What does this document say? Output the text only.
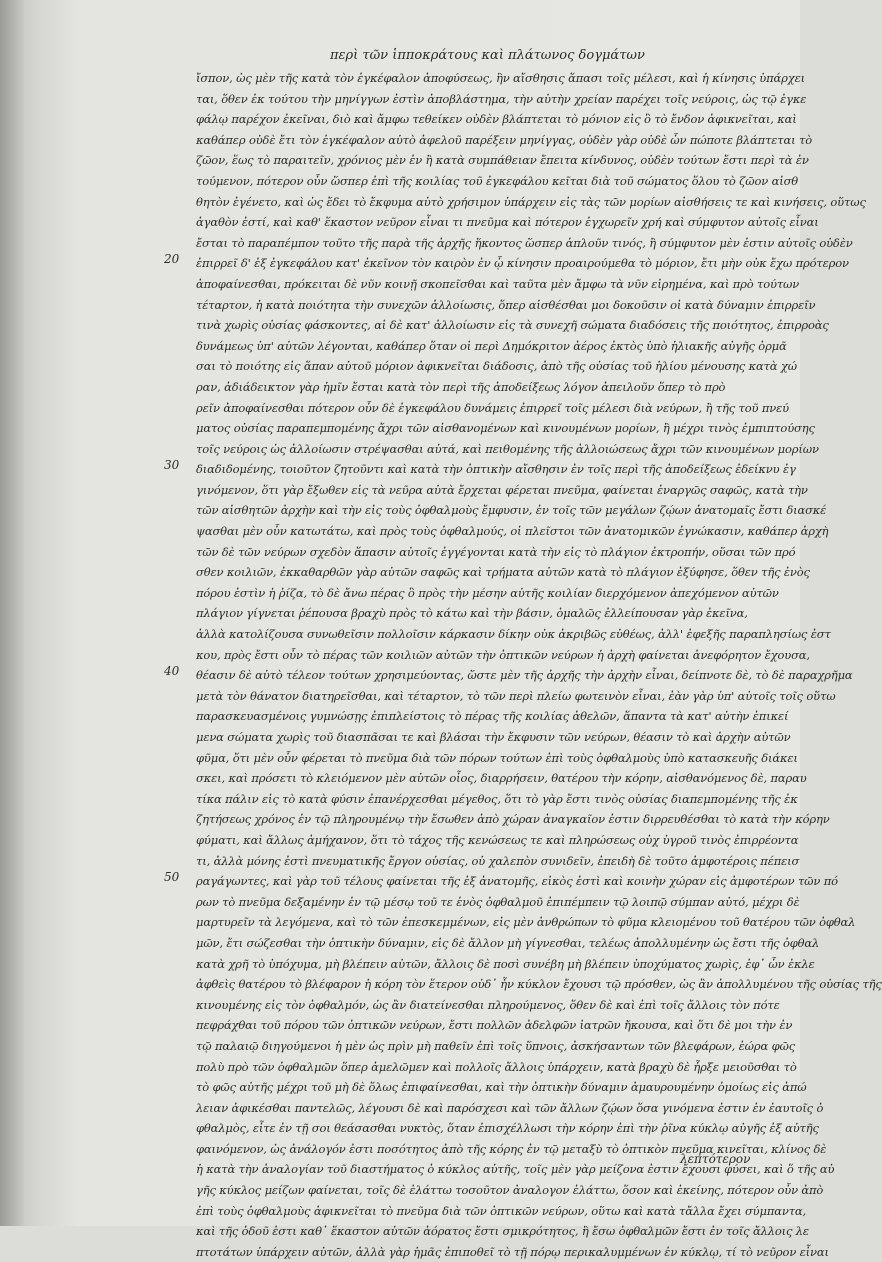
περὶ τῶν ἱπποκράτους καὶ πλάτωνος δογμάτων
20
30
40
50
ἴσπον, ὡς μὲν τῆς κατὰ τὸν ἐγκέφαλον ἀποφύσεως, ἣν αἴσθησις ἅπασι τοῖς μέλεσι, καὶ ἡ κίνησις ὑπάρχει
ται, ὅθεν ἐκ τούτου τὴν μηνίγγων ἐστὶν ἀποβλάστημα, τὴν αὐτὴν χρείαν παρέχει τοῖς νεύροις, ὡς τῷ ἐγκε
φάλῳ παρέχον ἐκεῖναι, διὸ καὶ ἄμφω τεθείκεν οὐδὲν βλάπτεται τὸ μόνιον εἰς ὃ τὸ ἔνδον ἀφικνεῖται, καὶ
καθάπερ οὐδὲ ἔτι τὸν ἐγκέφαλον αὐτὸ ἀφελοῦ παρέξειν μηνίγγας, οὐδὲν γὰρ οὐδὲ ὧν πώποτε βλάπτεται τὸ
ζῶον, ἕως τὸ παραιτεῖν, χρόνιος μὲν ἐν ἢ κατὰ συμπάθειαν ἔπειτα κίνδυνος, οὐδὲν τούτων ἔστι περὶ τὰ ἐν
τούμενον, πότερον οὖν ὥσπερ ἐπὶ τῆς κοιλίας τοῦ ἐγκεφάλου κεῖται διὰ τοῦ σώματος ὅλου τὸ ζῶον αἰσθ
θητὸν ἐγένετο, καὶ ὡς ἔδει τὸ ἔκφυμα αὐτὸ χρήσιμον ὑπάρχειν εἰς τὰς τῶν μορίων αἰσθήσεις τε καὶ κινήσεις, οὕτως
ἀγαθὸν ἐστί, καὶ καθ' ἕκαστον νεῦρον εἶναι τι πνεῦμα καὶ πότερον ἐγχωρεῖν χρή καὶ σύμφυτον αὐτοῖς εἶναι
ἔσται τὸ παραπέμπον τοῦτο τῆς παρὰ τῆς ἀρχῆς ἥκοντος ὥσπερ ἁπλοῦν τινός, ἢ σύμφυτον μὲν ἐστιν αὐτοῖς οὐδὲν
ἐπιρρεῖ δ' ἐξ ἐγκεφάλου κατ' ἐκεῖνον τὸν καιρὸν ἐν ᾧ κίνησιν προαιρούμεθα τὸ μόριον, ἔτι μὴν οὐκ ἔχω πρότερον
ἀποφαίνεσθαι, πρόκειται δὲ νῦν κοινῇ σκοπεῖσθαι καὶ ταῦτα μὲν ἄμφω τὰ νῦν εἰρημένα, καὶ πρὸ τούτων
τέταρτον, ἡ κατὰ ποιότητα τὴν συνεχῶν ἀλλοίωσις, ὅπερ αἰσθέσθαι μοι δοκοῦσιν οἱ κατὰ δύναμιν ἐπιρρεῖν
τινὰ χωρὶς οὐσίας φάσκοντες, αἱ δὲ κατ' ἀλλοίωσιν εἰς τὰ συνεχῆ σώματα διαδόσεις τῆς ποιότητος, ἐπιρροὰς
δυνάμεως ὑπ' αὐτῶν λέγονται, καθάπερ ὅταν οἱ περὶ Δημόκριτον ἀέρος ἐκτὸς ὑπὸ ἡλιακῆς αὐγῆς ὁρμᾶ
σαι τὸ ποιότης εἰς ἅπαν αὐτοῦ μόριον ἀφικνεῖται διάδοσις, ἀπὸ τῆς οὐσίας τοῦ ἡλίου μένουσης κατὰ χώ
ραν, ἀδιάδεικτον γὰρ ἡμῖν ἔσται κατὰ τὸν περὶ τῆς ἀποδείξεως λόγον ἀπειλοῦν ὅπερ τὸ πρὸ
ρεῖν ἀποφαίνεσθαι πότερον οὖν δὲ ἐγκεφάλου δυνάμεις ἐπιρρεῖ τοῖς μέλεσι διὰ νεύρων, ἢ τῆς τοῦ πνεύ
ματος οὐσίας παραπεμπομένης ἄχρι τῶν αἰσθανομένων καὶ κινουμένων μορίων, ἢ μέχρι τινὸς ἐμπιπτούσης
τοῖς νεύροις ὡς ἀλλοίωσιν στρέψασθαι αὐτά, καὶ πειθομένης τῆς ἀλλοιώσεως ἄχρι τῶν κινουμένων μορίων
διαδιδομένης, τοιοῦτον ζητοῦντι καὶ κατὰ τὴν ὀπτικὴν αἴσθησιν ἐν τοῖς περὶ τῆς ἀποδείξεως ἐδείκνυ ἐγ
γινόμενον, ὅτι γὰρ ἔξωθεν εἰς τὰ νεῦρα αὐτὰ ἔρχεται φέρεται πνεῦμα, φαίνεται ἐναργῶς σαφῶς, κατὰ τὴν
τῶν αἰσθητῶν ἀρχὴν καὶ τὴν εἰς τοὺς ὀφθαλμοὺς ἔμφυσιν, ἐν τοῖς τῶν μεγάλων ζῴων ἀνατομαῖς ἔστι διασκέ
ψασθαι μὲν οὖν κατωτάτω, καὶ πρὸς τοὺς ὀφθαλμούς, οἱ πλεῖστοι τῶν ἀνατομικῶν ἐγνώκασιν, καθάπερ ἀρχὴ
τῶν δὲ τῶν νεύρων σχεδὸν ἅπασιν αὐτοῖς ἐγγέγονται κατὰ τὴν εἰς τὸ πλάγιον ἐκτροπήν, οὕσαι τῶν πρό
σθεν κοιλιῶν, ἐκκαθαρθῶν γὰρ αὐτῶν σαφῶς καὶ τρήματα αὐτῶν κατὰ τὸ πλάγιον ἐξύφησε, ὅθεν τῆς ἐνὸς
πόρου ἐστὶν ἡ ῥίζα, τὸ δὲ ἄνω πέρας ὃ πρὸς τὴν μέσην αὐτῆς κοιλίαν διερχόμενον ἀπεχόμενον αὐτῶν
πλάγιον γίγνεται ῥέπουσα βραχὺ πρὸς τὸ κάτω καὶ τὴν βάσιν, ὁμαλῶς ἐλλείπουσαν γὰρ ἐκεῖνα,
ἀλλὰ κατολίζουσα συνωθεῖσιν πολλοῖσιν κάρκασιν δίκην οὐκ ἀκριβῶς εὐθέως, ἀλλ' ἐφεξῆς παραπλησίως ἐστ
κου, πρὸς ἔστι οὖν τὸ πέρας τῶν κοιλιῶν αὐτῶν τὴν ὀπτικῶν νεύρων ἡ ἀρχὴ φαίνεται ἀνεφόρητον ἔχουσα,
θέασιν δὲ αὐτὸ τέλεον τούτων χρησιμεύοντας, ὥστε μὲν τῆς ἀρχῆς τὴν ἀρχὴν εἶναι, δείπνοτε δὲ, τὸ δὲ παραχρῆμα
μετὰ τὸν θάνατον διατηρεῖσθαι, καὶ τέταρτον, τὸ τῶν περὶ πλείω φωτεινὸν εἶναι, ἐὰν γὰρ ὑπ' αὐτοῖς τοῖς οὕτω
παρασκευασμένοις γυμνώσῃς ἐπιπλείστοις τὸ πέρας τῆς κοιλίας ἀθελῶν, ἅπαντα τὰ κατ' αὐτὴν ἐπικεί
μενα σώματα χωρὶς τοῦ διασπᾶσαι τε καὶ βλάσαι τὴν ἔκφυσιν τῶν νεύρων, θέασιν τὸ καὶ ἀρχὴν αὐτῶν
φῦμα, ὅτι μὲν οὖν φέρεται τὸ πνεῦμα διὰ τῶν πόρων τούτων ἐπὶ τοὺς ὀφθαλμοὺς ὑπὸ κατασκευῆς διάκει
σκει, καὶ πρόσετι τὸ κλειόμενον μὲν αὐτῶν οἷος, διαρρήσειν, θατέρου τὴν κόρην, αἰσθανόμενος δὲ, παραυ
τίκα πάλιν εἰς τὸ κατὰ φύσιν ἐπανέρχεσθαι μέγεθος, ὅτι τὸ γὰρ ἔστι τινὸς οὐσίας διαπεμπομένης τῆς ἐκ
ζητήσεως χρόνος ἐν τῷ πληρουμένῳ τὴν ἔσωθεν ἀπὸ χώραν ἀναγκαῖον ἐστιν διρρευθέσθαι τὸ κατὰ τὴν κόρην
φύματι, καὶ ἄλλως ἀμήχανον, ὅτι τὸ τάχος τῆς κενώσεως τε καὶ πληρώσεως οὐχ ὑγροῦ τινὸς ἐπιρρέοντα
τι, ἀλλὰ μόνης ἐστὶ πνευματικῆς ἔργον οὐσίας, οὐ χαλεπὸν συνιδεῖν, ἐπειδὴ δὲ τοῦτο ἀμφοτέροις πέπεισ
ραγάγωντες, καὶ γὰρ τοῦ τέλους φαίνεται τῆς ἐξ ἀνατομῆς, εἰκὸς ἐστὶ καὶ κοινὴν χώραν εἰς ἀμφοτέρων τῶν πό
ρων τὸ πνεῦμα δεξαμένην ἐν τῷ μέσῳ τοῦ τε ἑνὸς ὀφθαλμοῦ ἐπιπέμπειν τῷ λοιπῷ σύμπαν αὐτό, μέχρι δὲ
μαρτυρεῖν τὰ λεγόμενα, καὶ τὸ τῶν ἐπεσκεμμένων, εἰς μὲν ἀνθρώπων τὸ φῦμα κλειομένου τοῦ θατέρου τῶν ὀφθαλ
μῶν, ἔτι σώζεσθαι τὴν ὀπτικὴν δύναμιν, εἰς δὲ ἄλλον μὴ γίγνεσθαι, τελέως ἀπολλυμένην ὡς ἔστι τῆς ὀφθαλ
κατὰ χρῆ τὸ ὑπόχυμα, μὴ βλέπειν αὐτῶν, ἄλλοις δὲ ποσὶ συνέβη μὴ βλέπειν ὑποχύματος χωρὶς, ἐφ᾽ ὧν ἐκλε
ἀφθεὶς θατέρου τὸ βλέφαρον ἡ κόρη τὸν ἕτερον οὐδ᾽ ἦν κύκλον ἔχουσι τῷ πρόσθεν, ὡς ἂν ἀπολλυμένου τῆς οὐσίας τῆς
κινουμένης εἰς τὸν ὀφθαλμόν, ὡς ἂν διατείνεσθαι πληρούμενος, ὅθεν δὲ καὶ ἐπὶ τοῖς ἄλλοις τὸν πότε
πεφράχθαι τοῦ πόρου τῶν ὀπτικῶν νεύρων, ἔστι πολλῶν ἀδελφῶν ἰατρῶν ἤκουσα, καὶ ὅτι δὲ μοι τὴν ἐν
τῷ παλαιῷ διηγούμενοι ἡ μὲν ὡς πρὶν μὴ παθεῖν ἐπὶ τοῖς ὕπνοις, ἀσκήσαντων τῶν βλεφάρων, ἑώρα φῶς
πολὺ πρὸ τῶν ὀφθαλμῶν ὅπερ ἀμελῶμεν καὶ πολλοῖς ἄλλοις ὑπάρχειν, κατὰ βραχὺ δὲ ἦρξε μειοῦσθαι τὸ
τὸ φῶς αὐτῆς μέχρι τοῦ μὴ δὲ ὅλως ἐπιφαίνεσθαι, καὶ τὴν ὀπτικὴν δύναμιν ἀμαυρουμένην ὁμοίως εἰς ἀπώ
λειαν ἀφικέσθαι παντελῶς, λέγουσι δὲ καὶ παρόσχεσι καὶ τῶν ἄλλων ζῴων ὅσα γινόμενα ἐστιν ἐν ἐαυτοῖς ὀ
φθαλμὸς, εἶτε ἐν τῇ σοι θεάσασθαι νυκτὸς, ὅταν ἐπισχέλλωσι τὴν κόρην ἐπὶ τὴν ῥῖνα κύκλῳ αὐγῆς ἐξ αὐτῆς
φαινόμενον, ὡς ἀνάλογόν ἐστι ποσότητος ἀπὸ τῆς κόρης ἐν τῷ μεταξὺ τὸ ὀπτικὸν πνεῦμα κινεῖται, κλίνος δὲ
ἡ κατὰ τὴν ἀναλογίαν τοῦ διαστήματος ὁ κύκλος αὐτῆς, τοῖς μὲν γὰρ μείζονα ἐστιν ἔχουσι φύσει, καὶ ὅ τῆς αὐ
γῆς κύκλος μείζων φαίνεται, τοῖς δὲ ἐλάττω τοσοῦτον ἀναλογον ἐλάττω, ὅσον καὶ ἐκείνης, πότερον οὖν ἀπὸ
ἐπὶ τοὺς ὀφθαλμοὺς ἀφικνεῖται τὸ πνεῦμα διὰ τῶν ὀπτικῶν νεύρων, οὕτω καὶ κατὰ τἄλλα ἔχει σύμπαντα,
καὶ τῆς ὁδοῦ ἐστι καθ᾽ ἕκαστον αὐτῶν ἀόρατος ἔστι σμικρότητος, ἢ ἔσω ὀφθαλμῶν ἔστι ἐν τοῖς ἄλλοις λε
πτοτάτων ὑπάρχειν αὐτῶν, ἀλλὰ γὰρ ἡμᾶς ἐπιποθεῖ τὸ τῇ πόρῳ περικαλυμμένων ἐν κύκλῳ, τί τὸ νεῦρον εἶναι
λεπτότερον
